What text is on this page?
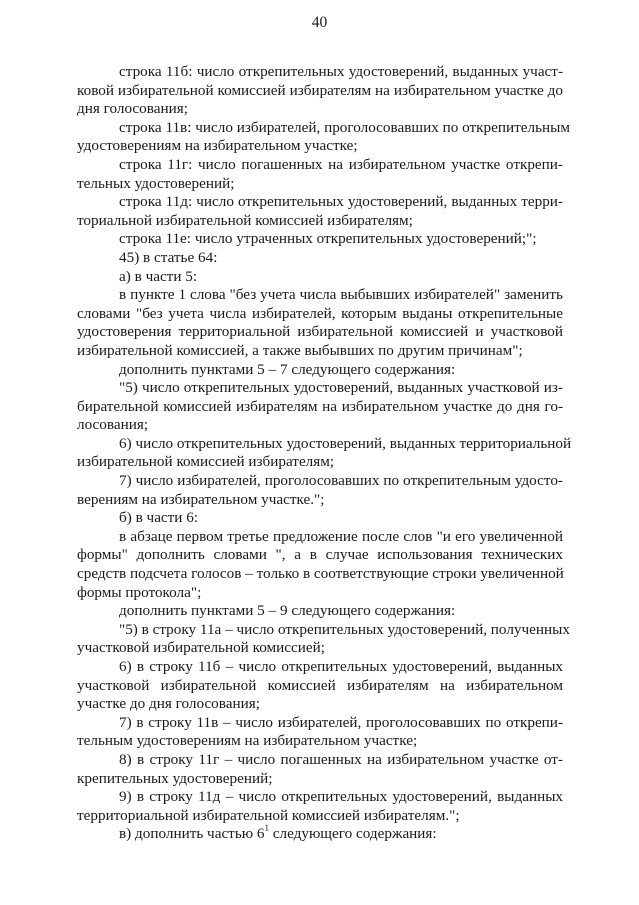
40
строка 11б: число открепительных удостоверений, выданных участ-
ковой избирательной комиссией избирателям на избирательном участке до
дня голосования;
строка 11в: число избирателей, проголосовавших по открепительным
удостоверениям на избирательном участке;
строка 11г: число погашенных на избирательном участке открепи-
тельных удостоверений;
строка 11д: число открепительных удостоверений, выданных терри-
ториальной избирательной комиссией избирателям;
строка 11е: число утраченных открепительных удостоверений;";
45) в статье 64:
а) в части 5:
в пункте 1 слова "без учета числа выбывших избирателей" заменить
словами "без учета числа избирателей, которым выданы открепительные
удостоверения территориальной избирательной комиссией и участковой
избирательной комиссией, а также выбывших по другим причинам";
дополнить пунктами 5 – 7 следующего содержания:
"5) число открепительных удостоверений, выданных участковой из-
бирательной комиссией избирателям на избирательном участке до дня го-
лосования;
6) число открепительных удостоверений, выданных территориальной
избирательной комиссией избирателям;
7) число избирателей, проголосовавших по открепительным удосто-
верениям на избирательном участке.";
б) в части 6:
в абзаце первом третье предложение после слов "и его увеличенной
формы" дополнить словами ", а в случае использования технических
средств подсчета голосов – только в соответствующие строки увеличенной
формы протокола";
дополнить пунктами 5 – 9 следующего содержания:
"5) в строку 11а – число открепительных удостоверений, полученных
участковой избирательной комиссией;
6) в строку 11б – число открепительных удостоверений, выданных
участковой избирательной комиссией избирателям на избирательном
участке до дня голосования;
7) в строку 11в – число избирателей, проголосовавших по открепи-
тельным удостоверениям на избирательном участке;
8) в строку 11г – число погашенных на избирательном участке от-
крепительных удостоверений;
9) в строку 11д – число открепительных удостоверений, выданных
территориальной избирательной комиссией избирателям.";
в) дополнить частью $6^1$ следующего содержания:
